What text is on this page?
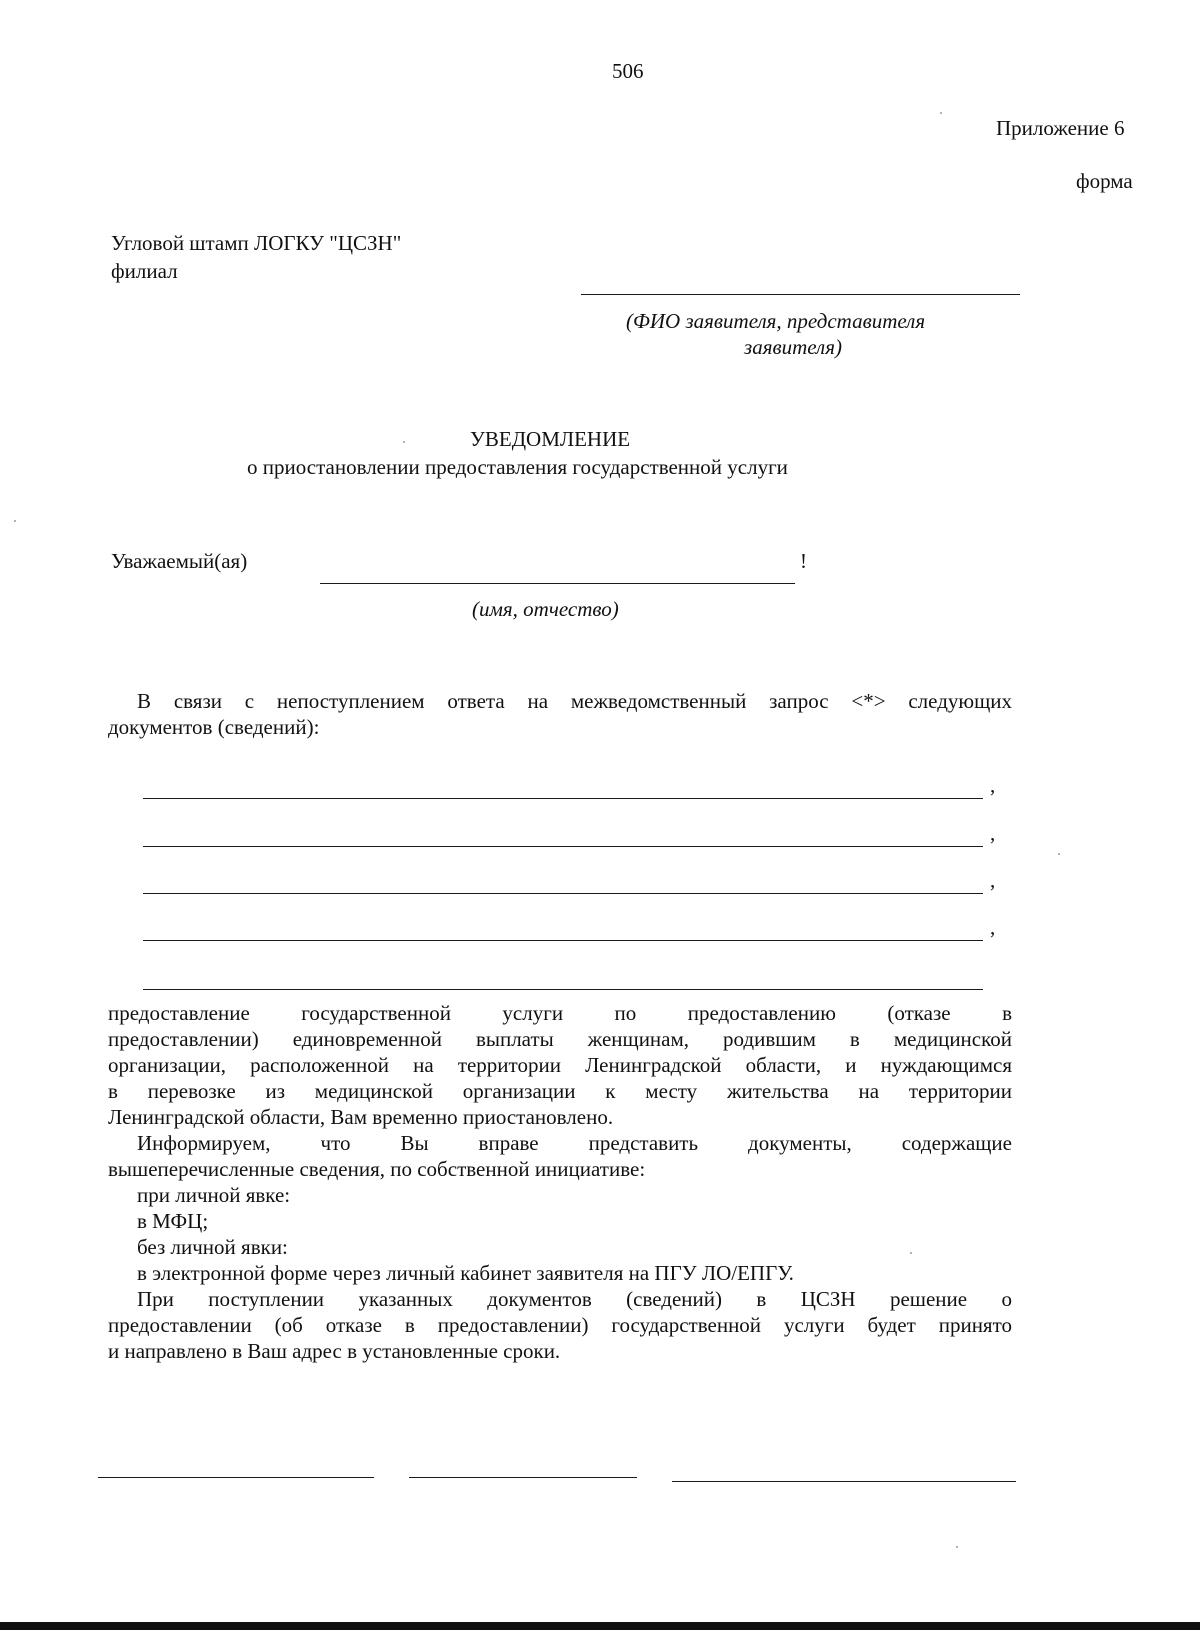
506
Приложение 6
форма
Угловой штамп ЛОГКУ "ЦСЗН"
филиал
(ФИО заявителя, представителя
заявителя)
УВЕДОМЛЕНИЕ
о приостановлении предоставления государственной услуги
Уважаемый(ая)	!
(имя, отчество)
В связи с непоступлением ответа на межведомственный запрос <*> следующих
документов (сведений):
,
,
,
,
предоставление государственной услуги по предоставлению (отказе в
предоставлении) единовременной выплаты женщинам, родившим в медицинской
организации, расположенной на территории Ленинградской области, и нуждающимся
в перевозке из медицинской организации к месту жительства на территории
Ленинградской области, Вам временно приостановлено.
Информируем, что Вы вправе представить документы, содержащие
вышеперечисленные сведения, по собственной инициативе:
при личной явке:
в МФЦ;
без личной явки:
в электронной форме через личный кабинет заявителя на ПГУ ЛО/ЕПГУ.
При поступлении указанных документов (сведений) в ЦСЗН решение о
предоставлении (об отказе в предоставлении) государственной услуги будет принято
и направлено в Ваш адрес в установленные сроки.
